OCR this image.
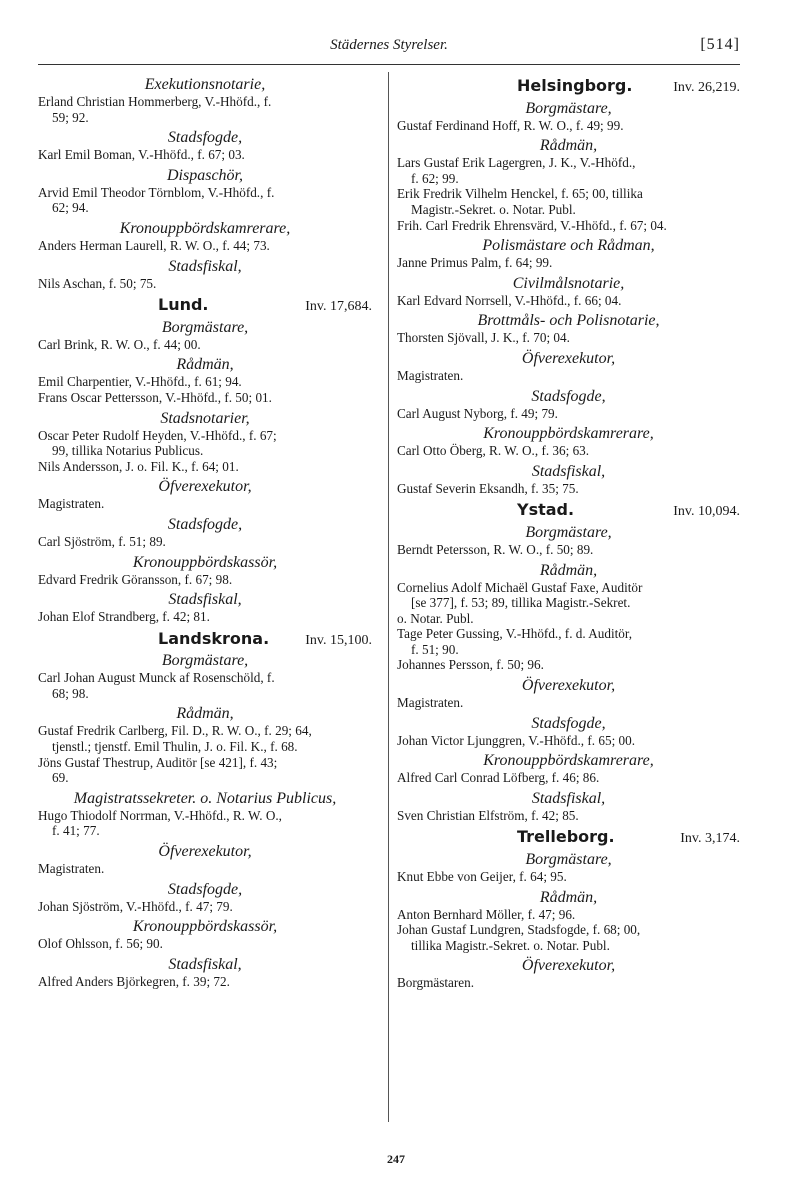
Städernes Styrelser.	[514]
Exekutionsnotarie,
Erland Christian Hommerberg, V.-Hhöfd., f.
59; 92.
Stadsfogde,
Karl Emil Boman, V.-Hhöfd., f. 67; 03.
Dispaschör,
Arvid Emil Theodor Törnblom, V.-Hhöfd., f.
62; 94.
Kronouppbördskamrerare,
Anders Herman Laurell, R. W. O., f. 44; 73.
Stadsfiskal,
Nils Aschan, f. 50; 75.
Lund.	Inv. 17,684.
Borgmästare,
Carl Brink, R. W. O., f. 44; 00.
Rådmän,
Emil Charpentier, V.-Hhöfd., f. 61; 94.
Frans Oscar Pettersson, V.-Hhöfd., f. 50; 01.
Stadsnotarier,
Oscar Peter Rudolf Heyden, V.-Hhöfd., f. 67;
99, tillika Notarius Publicus.
Nils Andersson, J. o. Fil. K., f. 64; 01.
Öfverexekutor,
Magistraten.
Stadsfogde,
Carl Sjöström, f. 51; 89.
Kronouppbördskassör,
Edvard Fredrik Göransson, f. 67; 98.
Stadsfiskal,
Johan Elof Strandberg, f. 42; 81.
Landskrona.	Inv. 15,100.
Borgmästare,
Carl Johan August Munck af Rosenschöld, f.
68; 98.
Rådmän,
Gustaf Fredrik Carlberg, Fil. D., R. W. O., f. 29; 64,
tjenstl.; tjenstf. Emil Thulin, J. o. Fil. K., f. 68.
Jöns Gustaf Thestrup, Auditör [se 421], f. 43;
69.
Magistratssekreter. o. Notarius Publicus,
Hugo Thiodolf Norrman, V.-Hhöfd., R. W. O.,
f. 41; 77.
Öfverexekutor,
Magistraten.
Stadsfogde,
Johan Sjöström, V.-Hhöfd., f. 47; 79.
Kronouppbördskassör,
Olof Ohlsson, f. 56; 90.
Stadsfiskal,
Alfred Anders Björkegren, f. 39; 72.
Helsingborg.	Inv. 26,219.
Borgmästare,
Gustaf Ferdinand Hoff, R. W. O., f. 49; 99.
Rådmän,
Lars Gustaf Erik Lagergren, J. K., V.-Hhöfd.,
f. 62; 99.
Erik Fredrik Vilhelm Henckel, f. 65; 00, tillika
Magistr.-Sekret. o. Notar. Publ.
Frih. Carl Fredrik Ehrensvärd, V.-Hhöfd., f. 67; 04.
Polismästare och Rådman,
Janne Primus Palm, f. 64; 99.
Civilmålsnotarie,
Karl Edvard Norrsell, V.-Hhöfd., f. 66; 04.
Brottmåls- och Polisnotarie,
Thorsten Sjövall, J. K., f. 70; 04.
Öfverexekutor,
Magistraten.
Stadsfogde,
Carl August Nyborg, f. 49; 79.
Kronouppbördskamrerare,
Carl Otto Öberg, R. W. O., f. 36; 63.
Stadsfiskal,
Gustaf Severin Eksandh, f. 35; 75.
Ystad.	Inv. 10,094.
Borgmästare,
Berndt Petersson, R. W. O., f. 50; 89.
Rådmän,
Cornelius Adolf Michaël Gustaf Faxe, Auditör
[se 377], f. 53; 89, tillika Magistr.-Sekret.
o. Notar. Publ.
Tage Peter Gussing, V.-Hhöfd., f. d. Auditör,
f. 51; 90.
Johannes Persson, f. 50; 96.
Öfverexekutor,
Magistraten.
Stadsfogde,
Johan Victor Ljunggren, V.-Hhöfd., f. 65; 00.
Kronouppbördskamrerare,
Alfred Carl Conrad Löfberg, f. 46; 86.
Stadsfiskal,
Sven Christian Elfström, f. 42; 85.
Trelleborg.	Inv. 3,174.
Borgmästare,
Knut Ebbe von Geijer, f. 64; 95.
Rådmän,
Anton Bernhard Möller, f. 47; 96.
Johan Gustaf Lundgren, Stadsfogde, f. 68; 00,
tillika Magistr.-Sekret. o. Notar. Publ.
Öfverexekutor,
Borgmästaren.
247
